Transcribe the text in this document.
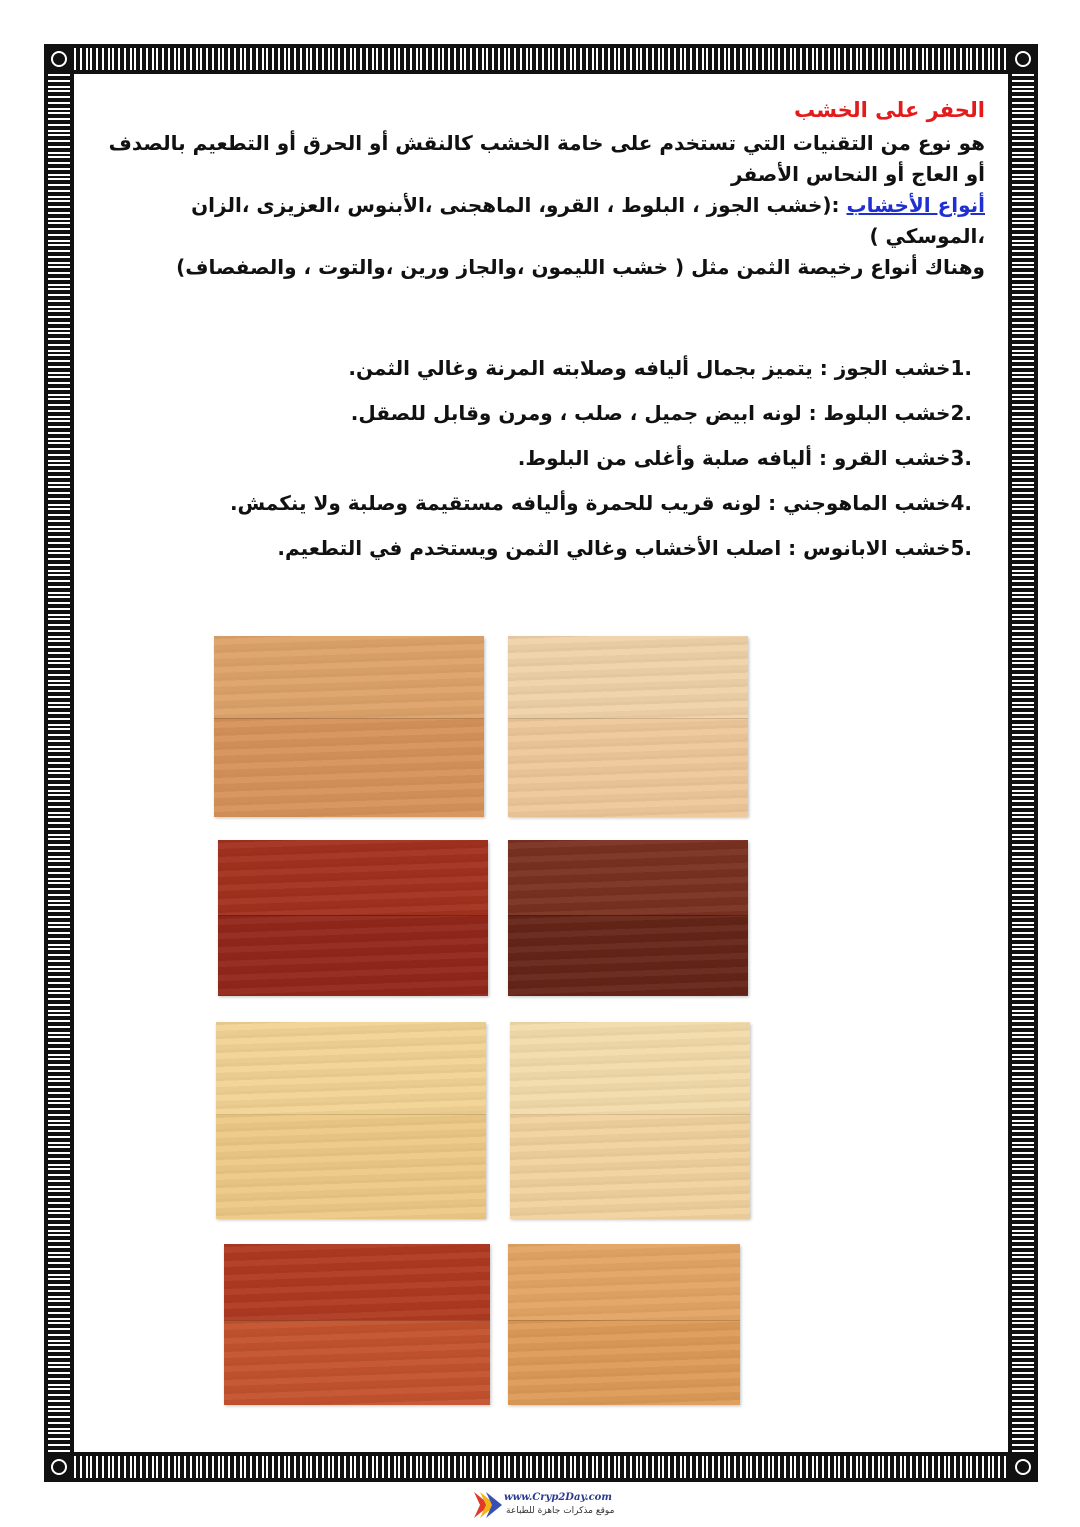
الحفر على الخشب

هو نوع من التقنيات التي تستخدم على خامة الخشب كالنقش أو الحرق أو التطعيم بالصدف أو العاج أو النحاس الأصفر

أنواع الأخشاب :(خشب الجوز ، البلوط ، القرو، الماهجنى ،الأبنوس ،العزيزى ،الزان ،الموسكي )

وهناك أنواع رخيصة الثمن مثل ( خشب الليمون ،والجاز ورين ،والتوت ، والصفصاف)

.1خشب الجوز : يتميز بجمال أليافه وصلابته المرنة وغالي الثمن.
.2خشب البلوط : لونه ابيض جميل ، صلب ، ومرن وقابل للصقل.
.3خشب القرو : أليافه صلبة وأغلى من البلوط.
.4خشب الماهوجني : لونه قريب للحمرة وأليافه مستقيمة وصلبة ولا ينكمش.
.5خشب الابانوس : اصلب الأخشاب وغالي الثمن ويستخدم في التطعيم.
www.Cryp2Day.com
موقع مذكرات جاهزة للطباعة
